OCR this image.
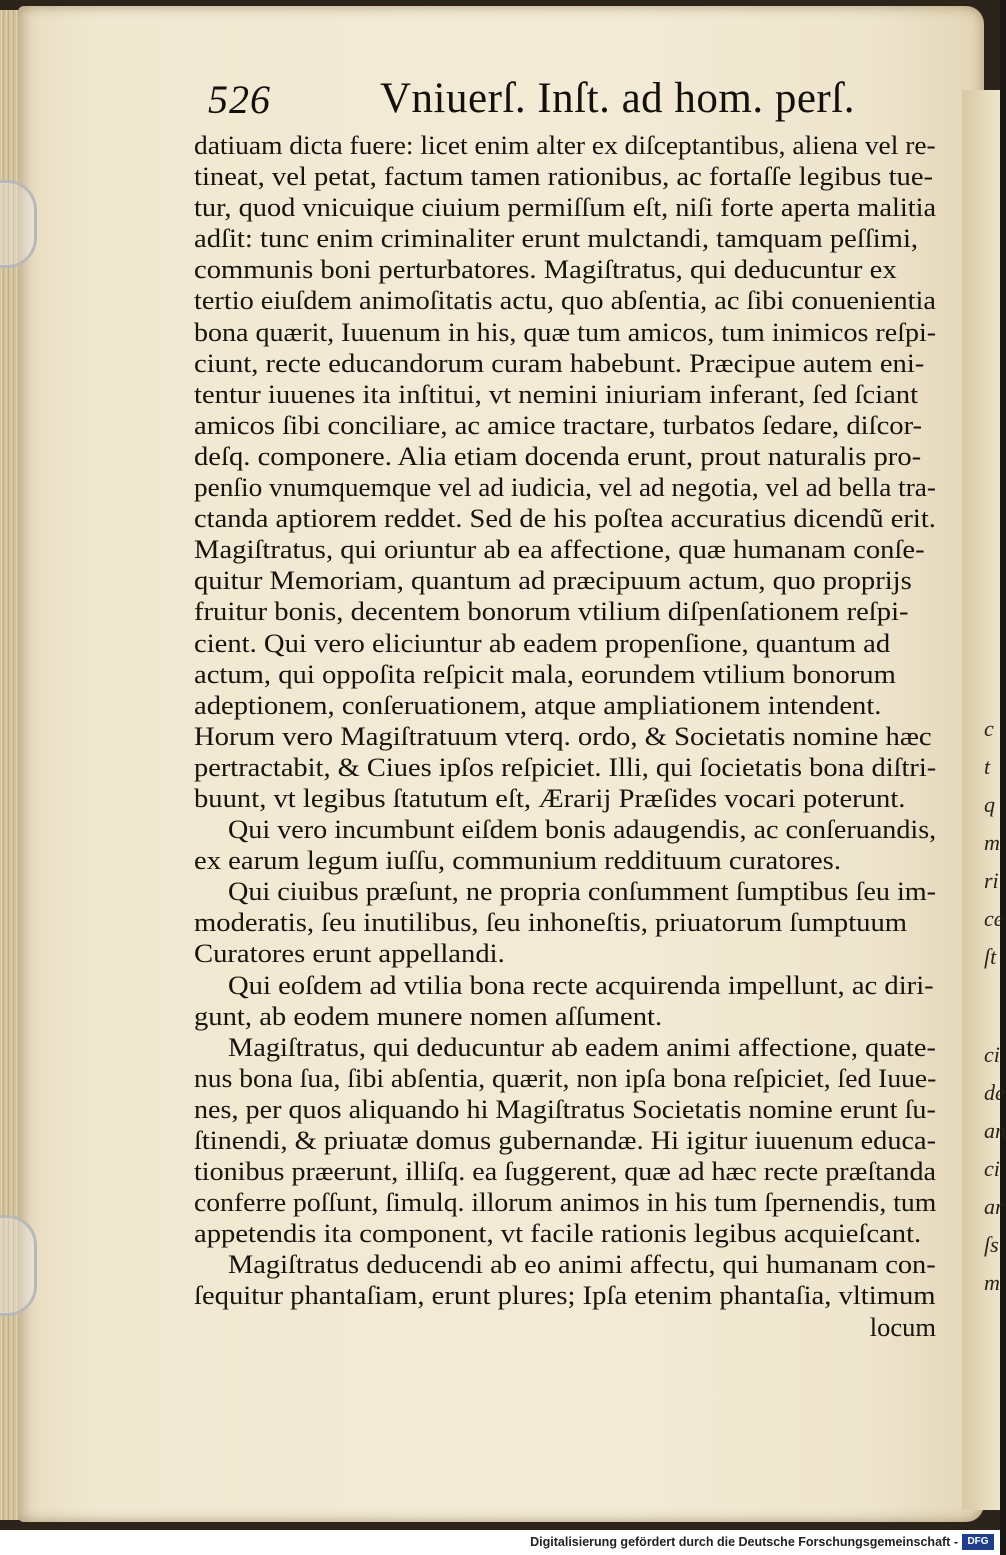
c
t
q
m
ri
ce
ſt
ci
de
an
ci
ar
ſs
m
526	Vniuerſ. Inſt. ad hom. perſ.
datiuam dicta fuere: licet enim alter ex diſceptantibus, aliena vel re-
tineat, vel petat, factum tamen rationibus, ac fortaſſe legibus tue-
tur, quod vnicuique ciuium permiſſum eſt, niſi forte aperta malitia
adſit: tunc enim criminaliter erunt mulctandi, tamquam peſſimi,
communis boni perturbatores. Magiſtratus, qui deducuntur ex
tertio eiuſdem animoſitatis actu, quo abſentia, ac ſibi conuenientia
bona quærit, Iuuenum in his, quæ tum amicos, tum inimicos reſpi-
ciunt, recte educandorum curam habebunt. Præcipue autem eni-
tentur iuuenes ita inſtitui, vt nemini iniuriam inferant, ſed ſciant
amicos ſibi conciliare, ac amice tractare, turbatos ſedare, diſcor-
deſq. componere. Alia etiam docenda erunt, prout naturalis pro-
penſio vnumquemque vel ad iudicia, vel ad negotia, vel ad bella tra-
ctanda aptiorem reddet. Sed de his poſtea accuratius dicendũ erit.
Magiſtratus, qui oriuntur ab ea affectione, quæ humanam conſe-
quitur Memoriam, quantum ad præcipuum actum, quo proprijs
fruitur bonis, decentem bonorum vtilium diſpenſationem reſpi-
cient. Qui vero eliciuntur ab eadem propenſione, quantum ad
actum, qui oppoſita reſpicit mala, eorundem vtilium bonorum
adeptionem, conſeruationem, atque ampliationem intendent.
Horum vero Magiſtratuum vterq. ordo, & Societatis nomine hæc
pertractabit, & Ciues ipſos reſpiciet. Illi, qui ſocietatis bona diſtri-
buunt, vt legibus ſtatutum eſt, Ærarij Præſides vocari poterunt.
Qui vero incumbunt eiſdem bonis adaugendis, ac conſeruandis,
ex earum legum iuſſu, communium reddituum curatores.
Qui ciuibus præſunt, ne propria conſumment ſumptibus ſeu im-
moderatis, ſeu inutilibus, ſeu inhoneſtis, priuatorum ſumptuum
Curatores erunt appellandi.
Qui eoſdem ad vtilia bona recte acquirenda impellunt, ac diri-
gunt, ab eodem munere nomen aſſument.
Magiſtratus, qui deducuntur ab eadem animi affectione, quate-
nus bona ſua, ſibi abſentia, quærit, non ipſa bona reſpiciet, ſed Iuue-
nes, per quos aliquando hi Magiſtratus Societatis nomine erunt ſu-
ſtinendi, & priuatæ domus gubernandæ. Hi igitur iuuenum educa-
tionibus præerunt, illiſq. ea ſuggerent, quæ ad hæc recte præſtanda
conferre poſſunt, ſimulq. illorum animos in his tum ſpernendis, tum
appetendis ita component, vt facile rationis legibus acquieſcant.
Magiſtratus deducendi ab eo animi affectu, qui humanam con-
ſequitur phantaſiam, erunt plures; Ipſa etenim phantaſia, vltimum
locum
Digitalisierung gefördert durch die Deutsche Forschungsgemeinschaft - DFG
